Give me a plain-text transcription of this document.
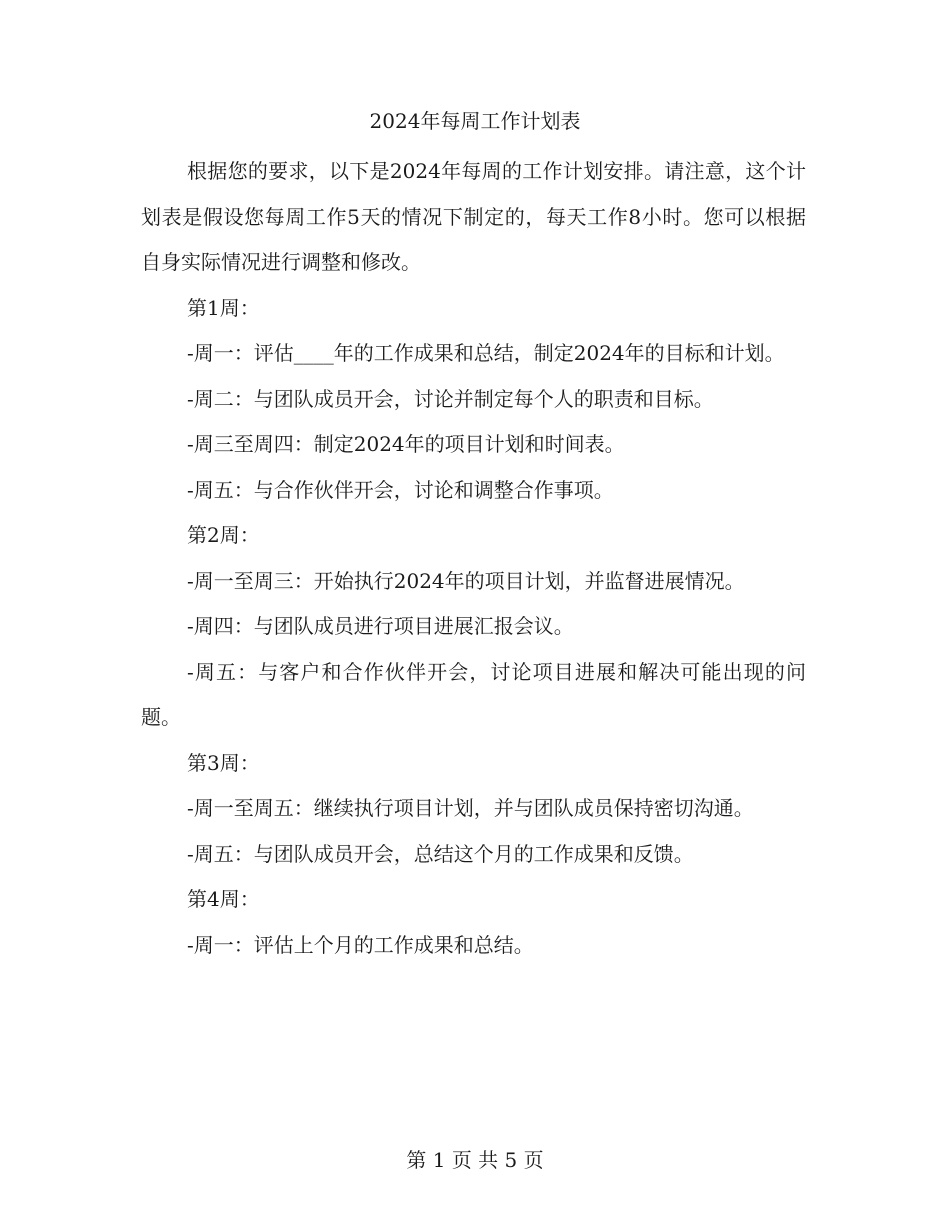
2024年每周工作计划表

根据您的要求，以下是2024年每周的工作计划安排。请注意，这个计划表是假设您每周工作5天的情况下制定的，每天工作8小时。您可以根据自身实际情况进行调整和修改。

第1周：

-周一：评估____年的工作成果和总结，制定2024年的目标和计划。

-周二：与团队成员开会，讨论并制定每个人的职责和目标。

-周三至周四：制定2024年的项目计划和时间表。

-周五：与合作伙伴开会，讨论和调整合作事项。

第2周：

-周一至周三：开始执行2024年的项目计划，并监督进展情况。

-周四：与团队成员进行项目进展汇报会议。

-周五：与客户和合作伙伴开会，讨论项目进展和解决可能出现的问题。

第3周：

-周一至周五：继续执行项目计划，并与团队成员保持密切沟通。

-周五：与团队成员开会，总结这个月的工作成果和反馈。

第4周：

-周一：评估上个月的工作成果和总结。

第 1 页 共 5 页
